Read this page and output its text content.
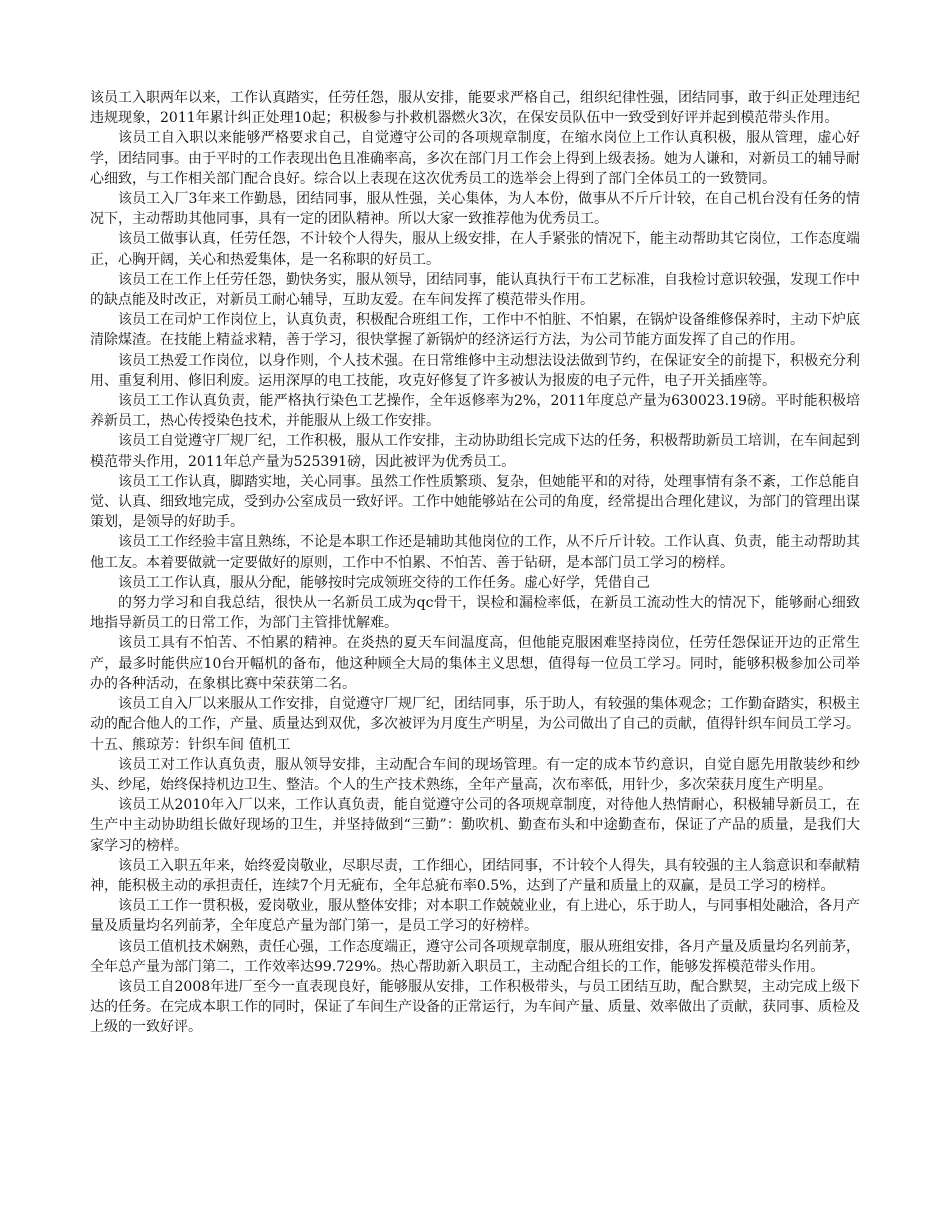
该员工入职两年以来，工作认真踏实，任劳任怨，服从安排，能要求严格自己，组织纪律性强，团结同事，敢于纠正处理违纪违规现象，2011年累计纠正处理10起；积极参与扑救机器燃火3次，在保安员队伍中一致受到好评并起到模范带头作用。

该员工自入职以来能够严格要求自己，自觉遵守公司的各项规章制度，在缩水岗位上工作认真积极，服从管理，虚心好学，团结同事。由于平时的工作表现出色且准确率高，多次在部门月工作会上得到上级表扬。她为人谦和，对新员工的辅导耐心细致，与工作相关部门配合良好。综合以上表现在这次优秀员工的选举会上得到了部门全体员工的一致赞同。

该员工入厂3年来工作勤恳，团结同事，服从性强，关心集体，为人本份，做事从不斤斤计较，在自己机台没有任务的情况下，主动帮助其他同事，具有一定的团队精神。所以大家一致推荐他为优秀员工。

该员工做事认真，任劳任怨，不计较个人得失，服从上级安排，在人手紧张的情况下，能主动帮助其它岗位，工作态度端正，心胸开阔，关心和热爱集体，是一名称职的好员工。

该员工在工作上任劳任怨，勤快务实，服从领导，团结同事，能认真执行干布工艺标准，自我检讨意识较强，发现工作中的缺点能及时改正，对新员工耐心辅导，互助友爱。在车间发挥了模范带头作用。

该员工在司炉工作岗位上，认真负责，积极配合班组工作，工作中不怕脏、不怕累，在锅炉设备维修保养时，主动下炉底清除煤渣。在技能上精益求精，善于学习，很快掌握了新锅炉的经济运行方法，为公司节能方面发挥了自己的作用。

该员工热爱工作岗位，以身作则，个人技术强。在日常维修中主动想法设法做到节约，在保证安全的前提下，积极充分利用、重复利用、修旧利废。运用深厚的电工技能，攻克好修复了许多被认为报废的电子元件，电子开关插座等。

该员工工作认真负责，能严格执行染色工艺操作，全年返修率为2%，2011年度总产量为630023.19磅。平时能积极培养新员工，热心传授染色技术，并能服从上级工作安排。

该员工自觉遵守厂规厂纪，工作积极，服从工作安排，主动协助组长完成下达的任务，积极帮助新员工培训，在车间起到模范带头作用，2011年总产量为525391磅，因此被评为优秀员工。

该员工工作认真，脚踏实地，关心同事。虽然工作性质繁琐、复杂，但她能平和的对待，处理事情有条不紊，工作总能自觉、认真、细致地完成，受到办公室成员一致好评。工作中她能够站在公司的角度，经常提出合理化建议，为部门的管理出谋策划，是领导的好助手。

该员工工作经验丰富且熟练，不论是本职工作还是辅助其他岗位的工作，从不斤斤计较。工作认真、负责，能主动帮助其他工友。本着要做就一定要做好的原则，工作中不怕累、不怕苦、善于钻研，是本部门员工学习的榜样。

该员工工作认真，服从分配，能够按时完成领班交待的工作任务。虚心好学，凭借自己

的努力学习和自我总结，很快从一名新员工成为qc骨干，误检和漏检率低，在新员工流动性大的情况下，能够耐心细致地指导新员工的日常工作，为部门主管排忧解难。

该员工具有不怕苦、不怕累的精神。在炎热的夏天车间温度高，但他能克服困难坚持岗位，任劳任怨保证开边的正常生产，最多时能供应10台开幅机的备布，他这种顾全大局的集体主义思想，值得每一位员工学习。同时，能够积极参加公司举办的各种活动，在象棋比赛中荣获第二名。

该员工自入厂以来服从工作安排，自觉遵守厂规厂纪，团结同事，乐于助人，有较强的集体观念；工作勤奋踏实，积极主动的配合他人的工作，产量、质量达到双优，多次被评为月度生产明星，为公司做出了自己的贡献，值得针织车间员工学习。 十五、熊琼芳：针织车间 值机工

该员工对工作认真负责，服从领导安排，主动配合车间的现场管理。有一定的成本节约意识，自觉自愿先用散装纱和纱头、纱尾，始终保持机边卫生、整洁。个人的生产技术熟练，全年产量高，次布率低，用针少，多次荣获月度生产明星。

该员工从2010年入厂以来，工作认真负责，能自觉遵守公司的各项规章制度，对待他人热情耐心，积极辅导新员工，在生产中主动协助组长做好现场的卫生，并坚持做到“三勤”：勤吹机、勤查布头和中途勤查布，保证了产品的质量，是我们大家学习的榜样。

该员工入职五年来，始终爱岗敬业，尽职尽责，工作细心，团结同事，不计较个人得失，具有较强的主人翁意识和奉献精神，能积极主动的承担责任，连续7个月无疵布，全年总疵布率0.5%，达到了产量和质量上的双赢，是员工学习的榜样。

该员工工作一贯积极，爱岗敬业，服从整体安排；对本职工作兢兢业业，有上进心，乐于助人，与同事相处融洽，各月产量及质量均名列前茅，全年度总产量为部门第一，是员工学习的好榜样。

该员工值机技术娴熟，责任心强，工作态度端正，遵守公司各项规章制度，服从班组安排，各月产量及质量均名列前茅，全年总产量为部门第二，工作效率达99.729%。热心帮助新入职员工，主动配合组长的工作，能够发挥模范带头作用。

该员工自2008年进厂至今一直表现良好，能够服从安排，工作积极带头，与员工团结互助，配合默契，主动完成上级下达的任务。在完成本职工作的同时，保证了车间生产设备的正常运行，为车间产量、质量、效率做出了贡献，获同事、质检及上级的一致好评。
